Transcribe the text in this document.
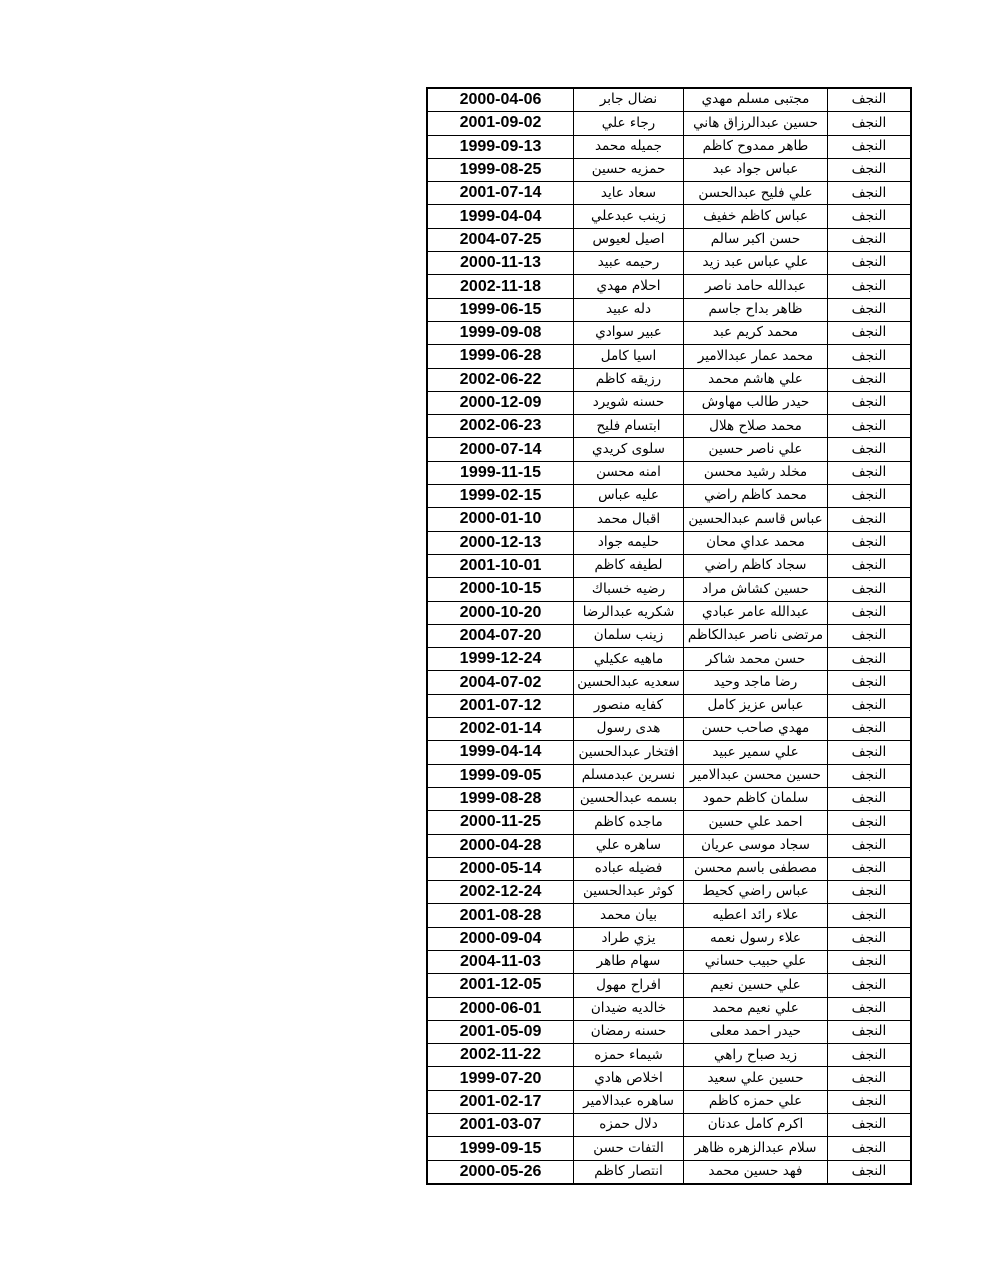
2000-04-06	نضال جابر	مجتبى مسلم مهدي	النجف
2001-09-02	رجاء علي	حسين عبدالرزاق هاني	النجف
1999-09-13	جميله محمد	طاهر ممدوح كاظم	النجف
1999-08-25	حمزيه حسين	عباس جواد عبد	النجف
2001-07-14	سعاد عايد	علي فليح عبدالحسن	النجف
1999-04-04	زينب عبدعلي	عباس كاظم خفيف	النجف
2004-07-25	اصيل لعيوس	حسن اكبر سالم	النجف
2000-11-13	رحيمه عبيد	علي عباس عبد زيد	النجف
2002-11-18	احلام مهدي	عبدالله حامد ناصر	النجف
1999-06-15	دله عبيد	ظاهر بداح جاسم	النجف
1999-09-08	عبير سوادي	محمد كريم عبد	النجف
1999-06-28	اسيا كامل	محمد عمار عبدالامير	النجف
2002-06-22	رزيقه كاظم	علي هاشم محمد	النجف
2000-12-09	حسنه شويرد	حيدر طالب مهاوش	النجف
2002-06-23	ابتسام فليح	محمد صلاح هلال	النجف
2000-07-14	سلوى كريدي	علي ناصر حسين	النجف
1999-11-15	امنه محسن	مخلد رشيد محسن	النجف
1999-02-15	عليه عباس	محمد كاظم راضي	النجف
2000-01-10	اقبال محمد	عباس قاسم عبدالحسين	النجف
2000-12-13	حليمه جواد	محمد عداي محان	النجف
2001-10-01	لطيفه كاظم	سجاد كاظم راضي	النجف
2000-10-15	رضيه خسباك	حسين كشاش مراد	النجف
2000-10-20	شكريه عبدالرضا	عبدالله عامر عبادي	النجف
2004-07-20	زينب سلمان	مرتضى ناصر عبدالكاظم	النجف
1999-12-24	ماهيه عكيلي	حسن محمد شاكر	النجف
2004-07-02	سعديه عبدالحسين	رضا ماجد وحيد	النجف
2001-07-12	كفايه منصور	عباس عزيز كامل	النجف
2002-01-14	هدى رسول	مهدي صاحب حسن	النجف
1999-04-14	افتخار عبدالحسين	علي سمير عبيد	النجف
1999-09-05	نسرين عبدمسلم	حسين محسن عبدالامير	النجف
1999-08-28	بسمه عبدالحسين	سلمان كاظم حمود	النجف
2000-11-25	ماجده كاظم	احمد علي حسين	النجف
2000-04-28	ساهره علي	سجاد موسى عريان	النجف
2000-05-14	فضيله عباده	مصطفى باسم محسن	النجف
2002-12-24	كوثر عبدالحسين	عباس راضي كحيط	النجف
2001-08-28	بيان محمد	علاء رائد اعطيه	النجف
2000-09-04	يزي طراد	علاء رسول نعمه	النجف
2004-11-03	سهام طاهر	علي حبيب حساني	النجف
2001-12-05	افراح مهول	علي حسين نعيم	النجف
2000-06-01	خالديه ضيدان	علي نعيم محمد	النجف
2001-05-09	حسنه رمضان	حيدر احمد معلى	النجف
2002-11-22	شيماء حمزه	زيد صباح راهي	النجف
1999-07-20	اخلاص هادي	حسين علي سعيد	النجف
2001-02-17	ساهره عبدالامير	علي حمزه كاظم	النجف
2001-03-07	دلال حمزه	اكرم كامل عدنان	النجف
1999-09-15	التفات حسن	سلام عبدالزهره ظاهر	النجف
2000-05-26	انتصار كاظم	فهد حسين محمد	النجف
